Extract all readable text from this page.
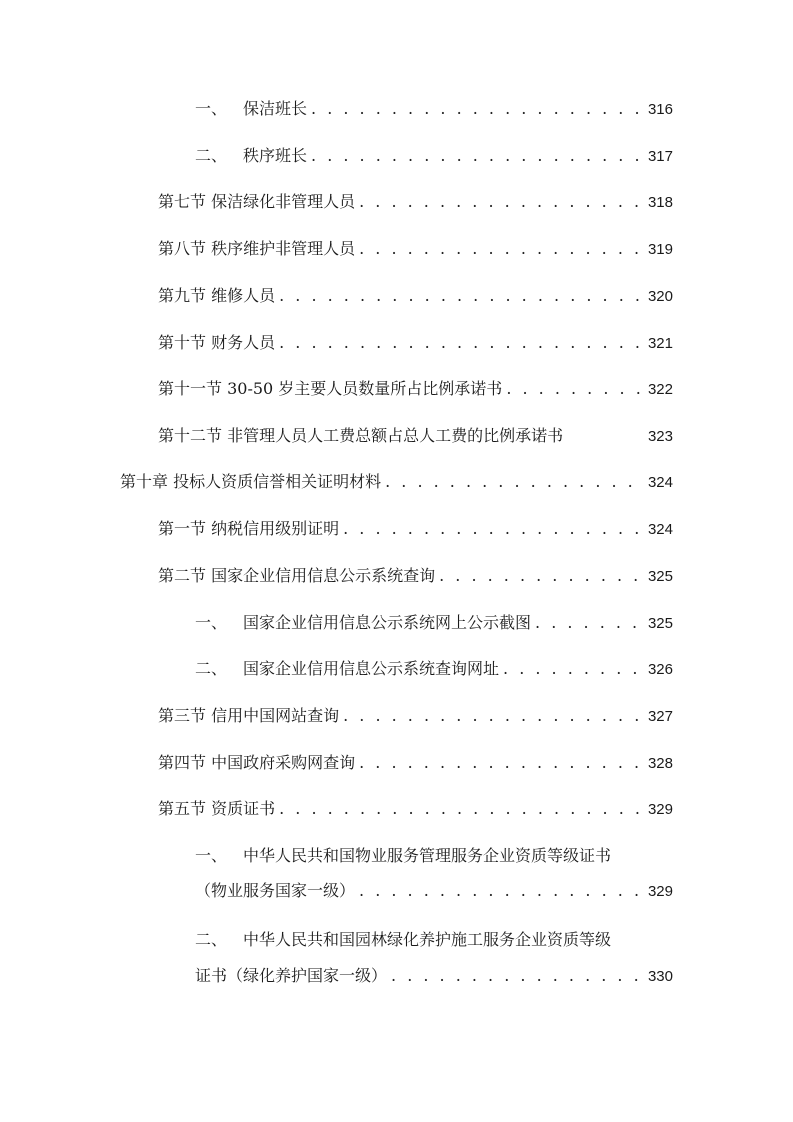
一、 保洁班长 . . .	316
二、 秩序班长 . . .	317
第七节 保洁绿化非管理人员 . . .	318
第八节 秩序维护非管理人员 . . .	319
第九节 维修人员 . . .	320
第十节 财务人员 . . .	321
第十一节 30-50 岁主要人员数量所占比例承诺书 . . .	322
第十二节 非管理人员人工费总额占总人工费的比例承诺书	323
第十章 投标人资质信誉相关证明材料 . . .	324
第一节 纳税信用级别证明 . . .	324
第二节 国家企业信用信息公示系统查询 . . .	325
一、 国家企业信用信息公示系统网上公示截图 . . .	325
二、 国家企业信用信息公示系统查询网址 . . .	326
第三节 信用中国网站查询 . . .	327
第四节 中国政府采购网查询 . . .	328
第五节 资质证书 . . .	329
一、 中华人民共和国物业服务管理服务企业资质等级证书
（物业服务国家一级） . . .	329
二、 中华人民共和国园林绿化养护施工服务企业资质等级
证书（绿化养护国家一级） . . .	330
